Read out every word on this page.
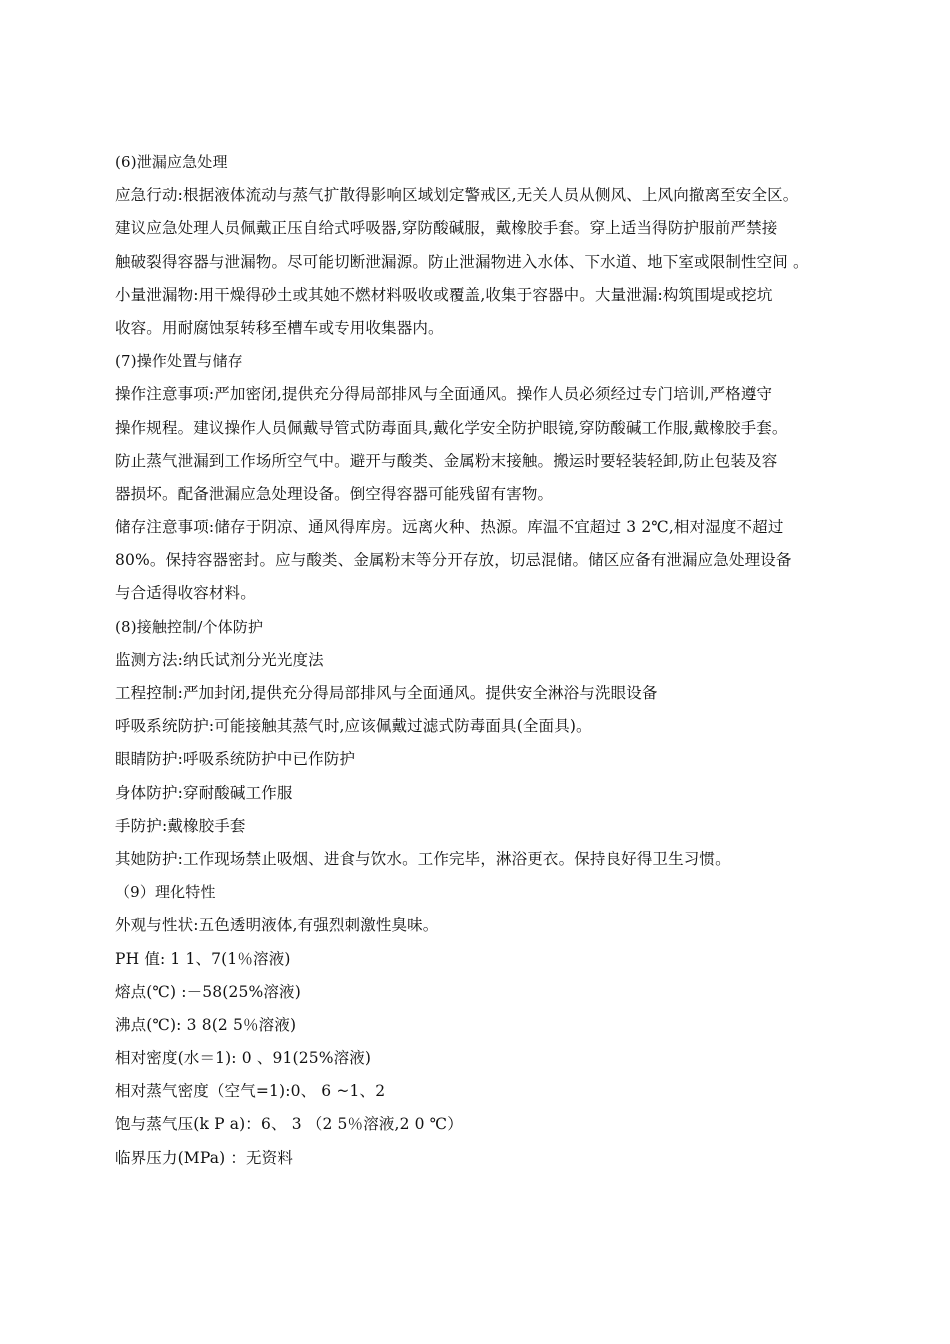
(6)泄漏应急处理
应急行动:根据液体流动与蒸气扩散得影响区域划定警戒区,无关人员从侧风、上风向撤离至安全区。
建议应急处理人员佩戴正压自给式呼吸器,穿防酸碱服，戴橡胶手套。穿上适当得防护服前严禁接
触破裂得容器与泄漏物。尽可能切断泄漏源。防止泄漏物进入水体、下水道、地下室或限制性空间 。
小量泄漏物:用干燥得砂土或其她不燃材料吸收或覆盖,收集于容器中。大量泄漏:构筑围堤或挖坑
收容。用耐腐蚀泵转移至槽车或专用收集器内。
(7)操作处置与储存
操作注意事项:严加密闭,提供充分得局部排风与全面通风。操作人员必须经过专门培训,严格遵守
操作规程。建议操作人员佩戴导管式防毒面具,戴化学安全防护眼镜,穿防酸碱工作服,戴橡胶手套。
防止蒸气泄漏到工作场所空气中。避开与酸类、金属粉末接触。搬运时要轻装轻卸,防止包装及容
器损坏。配备泄漏应急处理设备。倒空得容器可能残留有害物。
储存注意事项:储存于阴凉、通风得库房。远离火种、热源。库温不宜超过 3 2℃,相对湿度不超过
80%。保持容器密封。应与酸类、金属粉末等分开存放，切忌混储。储区应备有泄漏应急处理设备
与合适得收容材料。
(8)接触控制/个体防护
监测方法:纳氏试剂分光光度法
工程控制:严加封闭,提供充分得局部排风与全面通风。提供安全淋浴与洗眼设备
呼吸系统防护:可能接触其蒸气时,应该佩戴过滤式防毒面具(全面具)。
眼睛防护:呼吸系统防护中已作防护
身体防护:穿耐酸碱工作服
手防护:戴橡胶手套
其她防护:工作现场禁止吸烟、进食与饮水。工作完毕，淋浴更衣。保持良好得卫生习惯。
（9）理化特性
外观与性状:五色透明液体,有强烈刺激性臭味。
PH 值: 1 1、7(1％溶液)
熔点(℃) :－58(25%溶液)
沸点(℃): 3 8(2 5％溶液)
相对密度(水＝1): 0 、91(25%溶液)
相对蒸气密度（空气=1):0、 6 ~1、2
饱与蒸气压(k P a)：6、 3 （2 5％溶液,2 0 ℃）
临界压力(MPa) ：无资料
